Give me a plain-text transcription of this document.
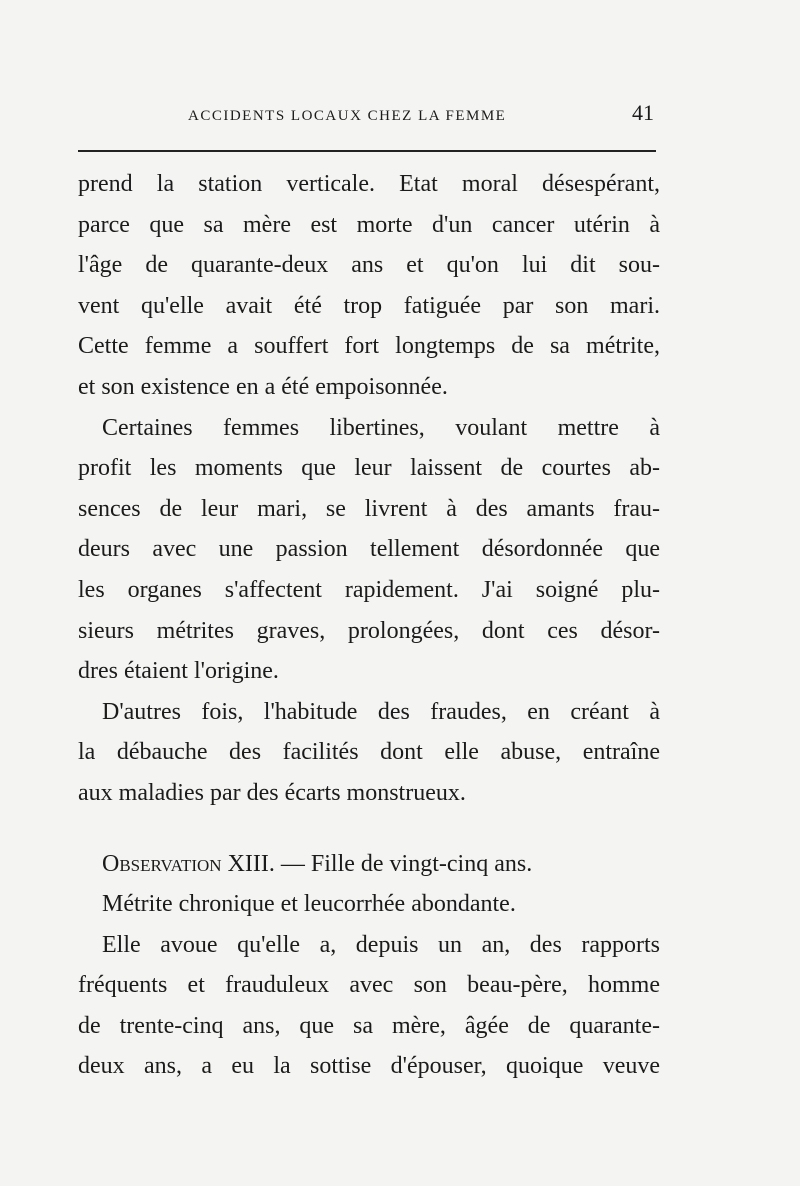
ACCIDENTS LOCAUX CHEZ LA FEMME	41
prend la station verticale. Etat moral désespérant,
parce que sa mère est morte d'un cancer utérin à
l'âge de quarante-deux ans et qu'on lui dit sou-
vent qu'elle avait été trop fatiguée par son mari.
Cette femme a souffert fort longtemps de sa métrite,
et son existence en a été empoisonnée.
Certaines femmes libertines, voulant mettre à
profit les moments que leur laissent de courtes ab-
sences de leur mari, se livrent à des amants frau-
deurs avec une passion tellement désordonnée que
les organes s'affectent rapidement. J'ai soigné plu-
sieurs métrites graves, prolongées, dont ces désor-
dres étaient l'origine.
D'autres fois, l'habitude des fraudes, en créant à
la débauche des facilités dont elle abuse, entraîne
aux maladies par des écarts monstrueux.
Observation XIII. — Fille de vingt-cinq ans.
Métrite chronique et leucorrhée abondante.
Elle avoue qu'elle a, depuis un an, des rapports
fréquents et frauduleux avec son beau-père, homme
de trente-cinq ans, que sa mère, âgée de quarante-
deux ans, a eu la sottise d'épouser, quoique veuve
